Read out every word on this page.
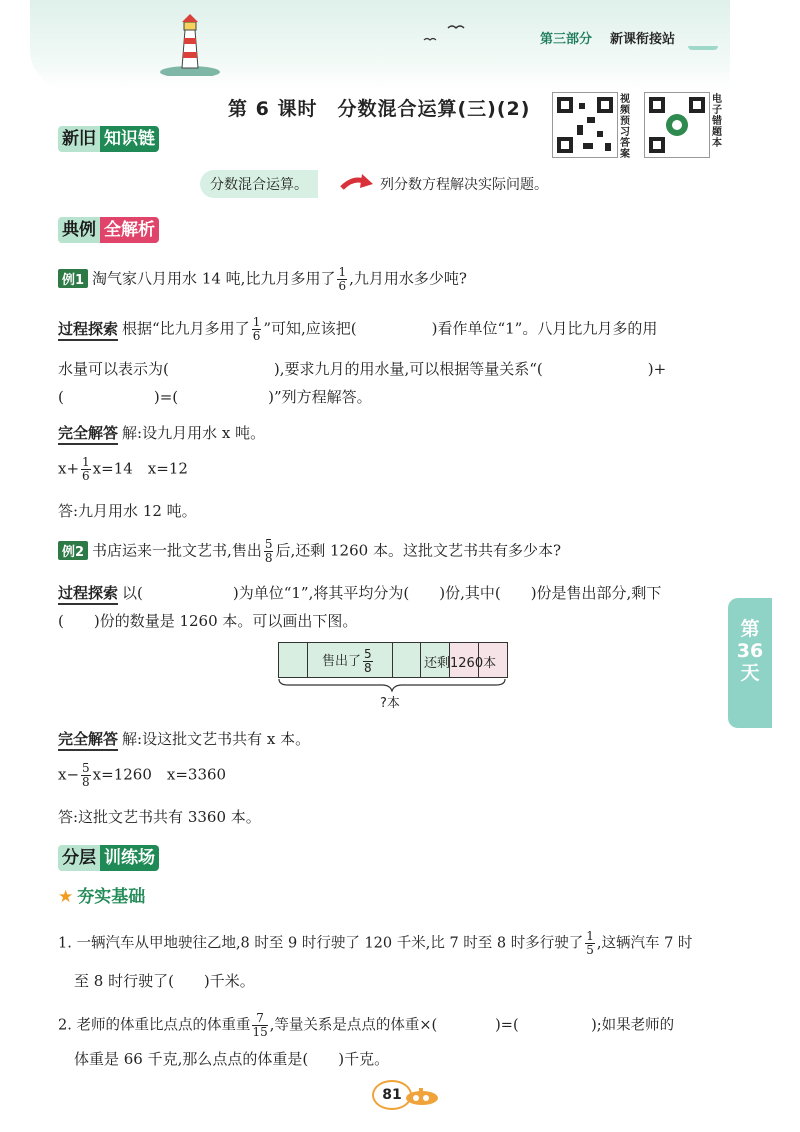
第三部分 新课衔接站
第 6 课时　分数混合运算(三)(2)	视频预习答案
电子错题本
新旧 知识链
分数混合运算。	列分数方程解决实际问题。
典例 全解析
例1 淘气家八月用水 14 吨,比九月多用了 $\frac{1}{6}$ ,九月用水多少吨?
过程探索 根据“比九月多用了 $\frac{1}{6}$ ”可知,应该把(　　　　　)看作单位“1”。八月比九月多的用
水量可以表示为(　　　　　　　),要求九月的用水量,可以根据等量关系“(　　　　　　　)+
(　　　　　　)=(　　　　　　)”列方程解答。
完全解答 解:设九月用水 x 吨。
$x+ \frac{1}{6} x=14$　x=12
答:九月用水 12 吨。
例2 书店运来一批文艺书,售出 $\frac{5}{8}$ 后,还剩 1260 本。这批文艺书共有多少本?
过程探索 以(　　　　　　)为单位“1”,将其平均分为(　　)份,其中(　　)份是售出部分,剩下
(　　)份的数量是 1260 本。可以画出下图。
售出了 $\frac{5}{8}$	还剩1260本
?本
完全解答 解:设这批文艺书共有 x 本。
$x- \frac{5}{8} x=1260$　x=3360
答:这批文艺书共有 3360 本。
分层 训练场
★ 夯实基础
1. 一辆汽车从甲地驶往乙地,8 时至 9 时行驶了 120 千米,比 7 时至 8 时多行驶了 $\frac{1}{5}$ ,这辆汽车 7 时
至 8 时行驶了(　　)千米。
2. 老师的体重比点点的体重重 $\frac{7}{15}$ ,等量关系是点点的体重×(　　　　)=(　　　　　);如果老师的
体重是 66 千克,那么点点的体重是(　　)千克。
第
36
天
81
